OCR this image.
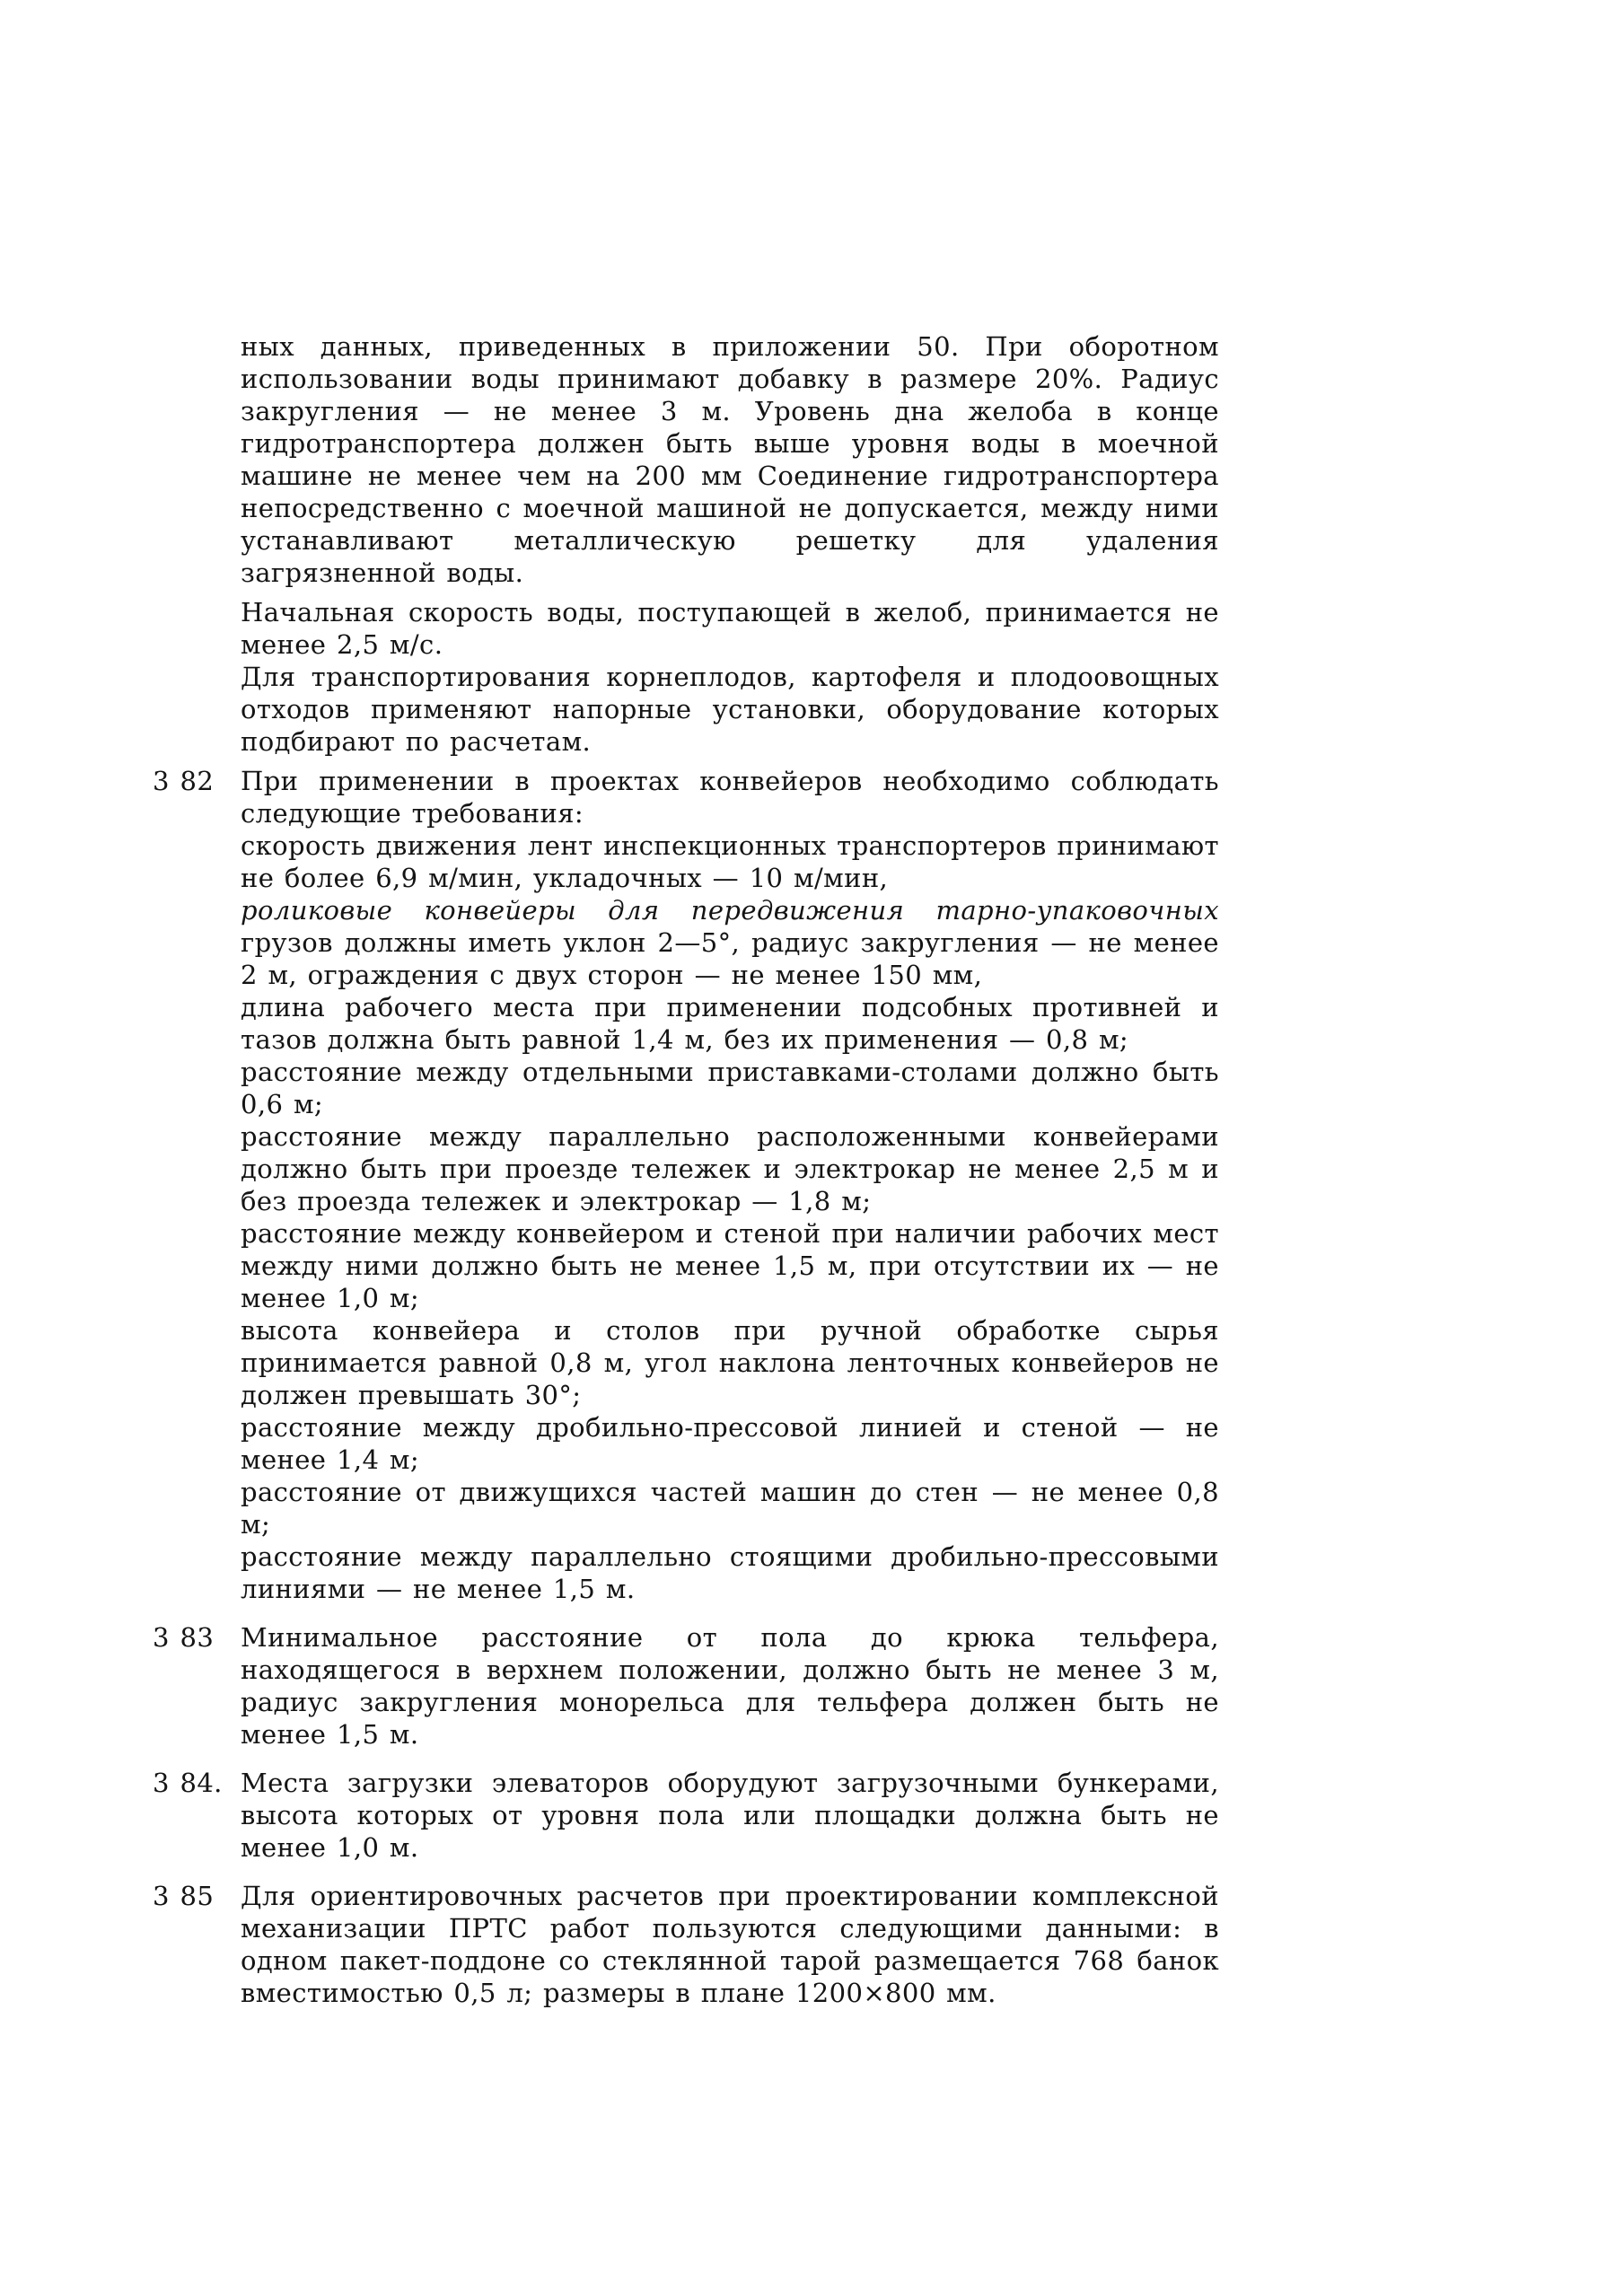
ных данных, приведенных в приложении 50. При оборотном использовании воды принимают добавку в размере 20%. Радиус закругления — не менее 3 м. Уровень дна желоба в конце гидротранспортера должен быть выше уровня воды в моечной машине не менее чем на 200 мм Соединение гидротранспортера непосредственно с моечной машиной не допускается, между ними устанавливают металлическую решетку для удаления загрязненной воды.

Начальная скорость воды, поступающей в желоб, принимается не менее 2,5 м/с.

Для транспортирования корнеплодов, картофеля и плодоовощных отходов применяют напорные установки, оборудование которых подбирают по расчетам.

3 82	При применении в проектах конвейеров необходимо соблюдать следующие требования:

скорость движения лент инспекционных транспортеров принимают не более 6,9 м/мин, укладочных — 10 м/мин,

роликовые конвейеры для передвижения тарно-упаковочных грузов должны иметь уклон 2—5°, радиус закругления — не менее 2 м, ограждения с двух сторон — не менее 150 мм,

длина рабочего места при применении подсобных противней и тазов должна быть равной 1,4 м, без их применения — 0,8 м;

расстояние между отдельными приставками-столами должно быть 0,6 м;

расстояние между параллельно расположенными конвейерами должно быть при проезде тележек и электрокар не менее 2,5 м и без проезда тележек и электрокар — 1,8 м;

расстояние между конвейером и стеной при наличии рабочих мест между ними должно быть не менее 1,5 м, при отсутствии их — не менее 1,0 м;

высота конвейера и столов при ручной обработке сырья принимается равной 0,8 м, угол наклона ленточных конвейеров не должен превышать 30°;

расстояние между дробильно-прессовой линией и стеной — не менее 1,4 м;

расстояние от движущихся частей машин до стен — не менее 0,8 м;

расстояние между параллельно стоящими дробильно-прессовыми линиями — не менее 1,5 м.

3 83	Минимальное расстояние от пола до крюка тельфера, находящегося в верхнем положении, должно быть не менее 3 м, радиус закругления монорельса для тельфера должен быть не менее 1,5 м.

3 84. Места загрузки элеваторов оборудуют загрузочными бункерами, высота которых от уровня пола или площадки должна быть не менее 1,0 м.

3 85	Для ориентировочных расчетов при проектировании комплексной механизации ПРТС работ пользуются следующими данными: в одном пакет-поддоне со стеклянной тарой размещается 768 банок вместимостью 0,5 л; размеры в плане 1200×800 мм.
